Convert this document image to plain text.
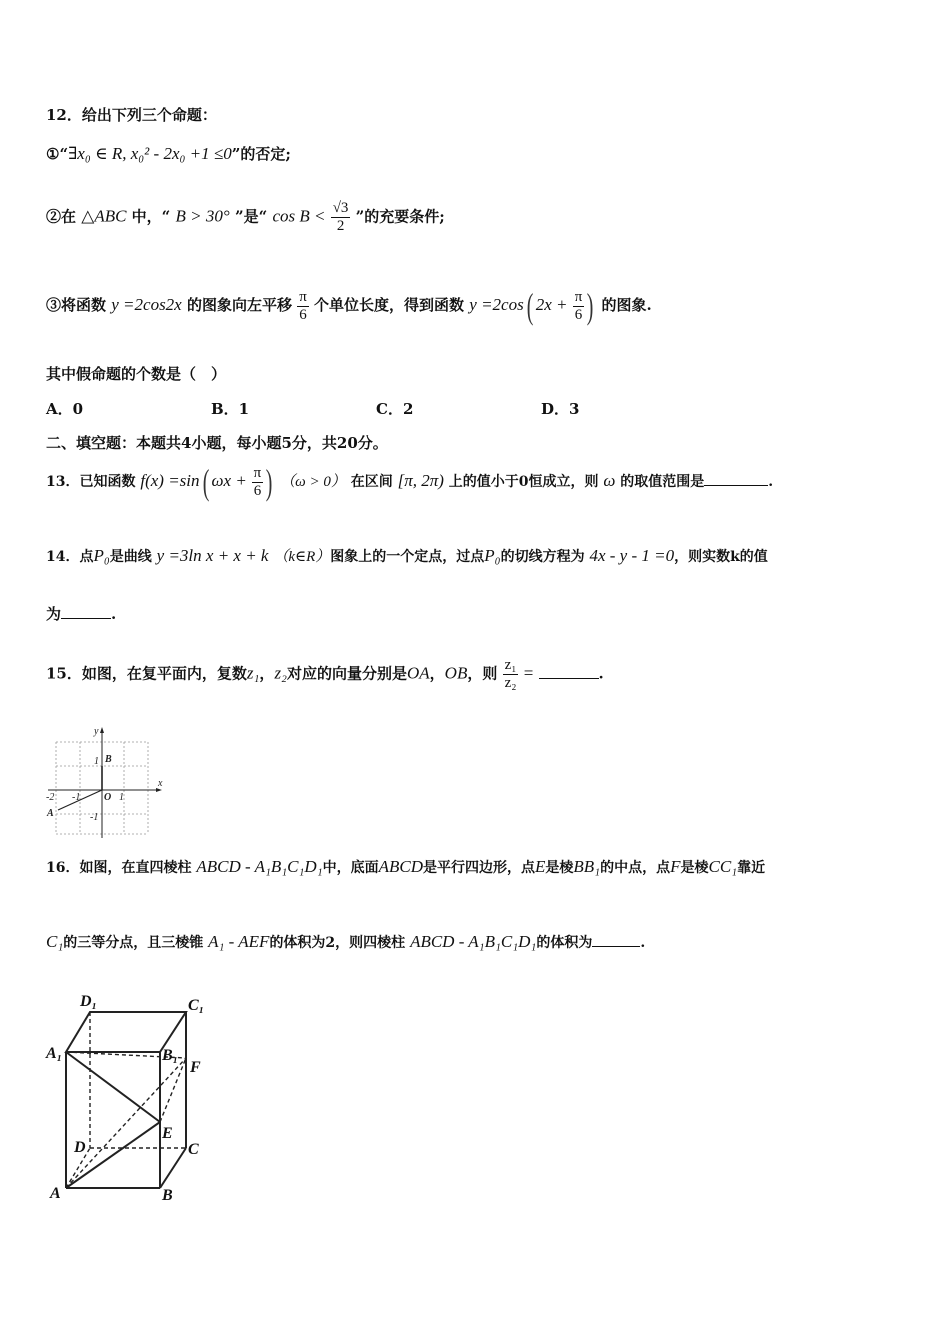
12．给出下列三个命题：
①“∃x₀ ∈ R, x₀² - 2x₀ +1 ≤0”的否定;
②在 △ABC 中，“ B > 30° ”是“ $\cos B < \frac{√3}{2}$ ”的充要条件;
③将函数 y =2cos2x 的图象向左平移 $\frac{\pi}{6}$ 个单位长度，得到函数 y =2cos( $2x + \frac{\pi}{6}$ ) 的图象.
其中假命题的个数是（　）
A．0	B．1	C．2	D．3
二、填空题：本题共4小题，每小题5分，共20分。
13．已知函数 f(x) =sin( $\omega x + \frac{\pi}{6}$ ) （ω > 0） 在区间 [π, 2π) 上的值小于0恒成立，则 ω 的取值范围是	.
14．点P₀是曲线 y =3ln x + x + k （k∈R）图象上的一个定点，过点P₀的切线方程为 4x - y - 1 =0，则实数k的值
为	.
15．如图，在复平面内，复数z₁，z₂对应的向量分别是OA，OB，则 $\frac{\text{z₁}}{\text{z₂}}$ =	.
y
x
1 B
O 1
-2 -1
A	-1
16．如图，在直四棱柱 ABCD - A₁B₁C₁D₁中，底面ABCD是平行四边形，点E是棱BB₁的中点，点F是棱CC₁靠近
C₁的三等分点，且三棱锥 A₁ - AEF的体积为2，则四棱柱 ABCD - A₁B₁C₁D₁的体积为	.
D₁	C₁
A₁	B₁
F
E
D	C
A	B
